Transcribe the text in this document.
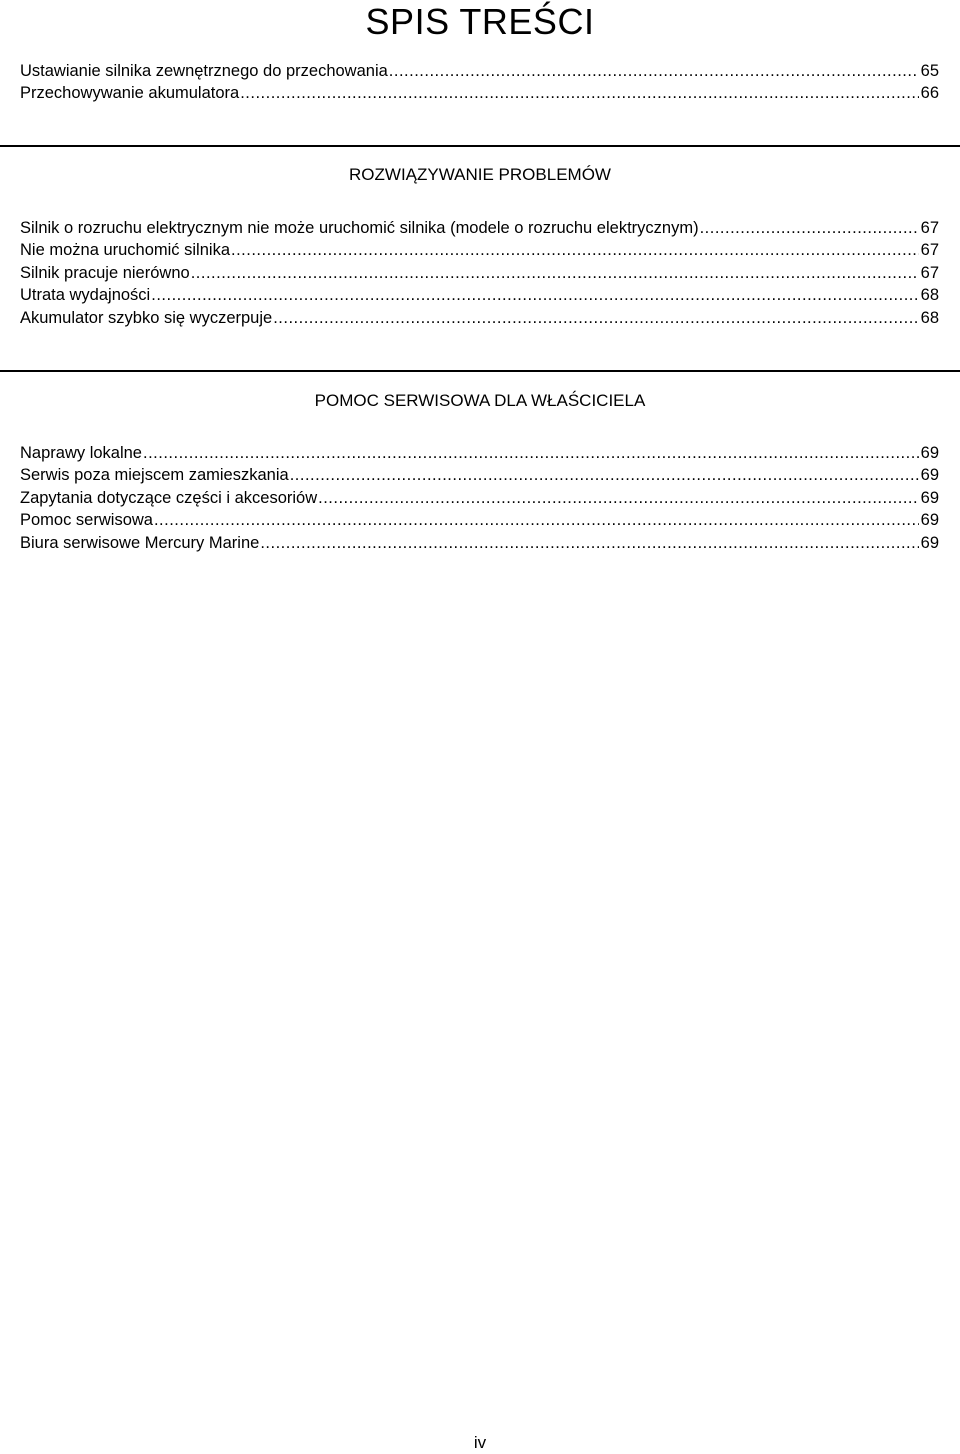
SPIS TREŚCI
Ustawianie silnika zewnętrznego do przechowania .....	65
Przechowywanie akumulatora .....	66
ROZWIĄZYWANIE PROBLEMÓW
Silnik o rozruchu elektrycznym nie może uruchomić silnika (modele o rozruchu elektrycznym) .....	67
Nie można uruchomić silnika .....	67
Silnik pracuje nierówno .....	67
Utrata wydajności .....	68
Akumulator szybko się wyczerpuje .....	68
POMOC SERWISOWA DLA WŁAŚCICIELA
Naprawy lokalne .....	69
Serwis poza miejscem zamieszkania .....	69
Zapytania dotyczące części i akcesoriów .....	69
Pomoc serwisowa .....	69
Biura serwisowe Mercury Marine .....	69
iv
